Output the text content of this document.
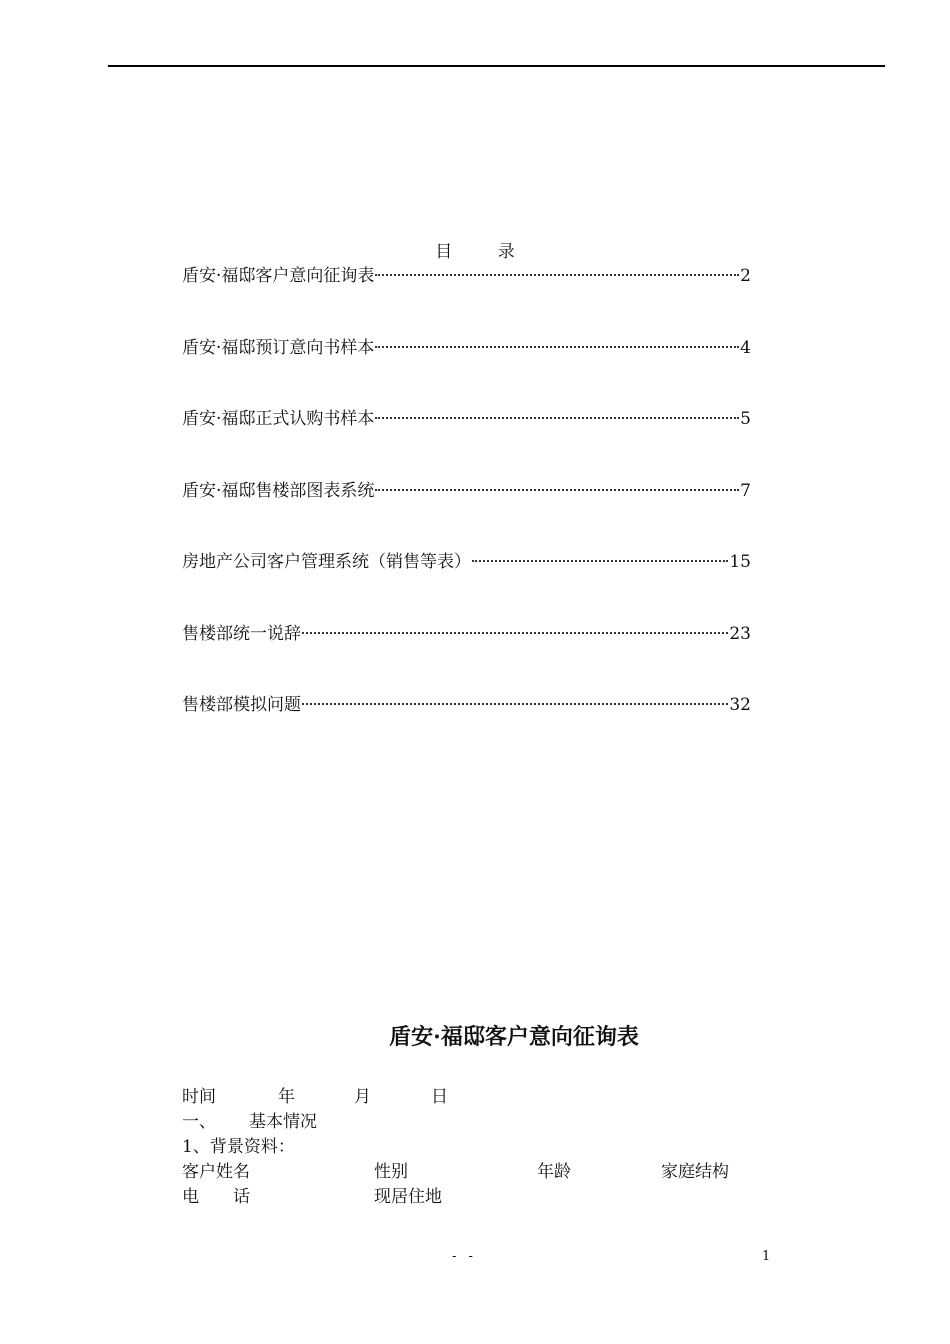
目 录
盾安·福邸客户意向征询表	2
盾安·福邸预订意向书样本	4
盾安·福邸正式认购书样本	5
盾安·福邸售楼部图表系统	7
房地产公司客户管理系统（销售等表）	15
售楼部统一说辞	23
售楼部模拟问题	32
盾安·福邸客户意向征询表
时间	年	月	日
一、 基本情况
1、背景资料：
客户姓名	性别	年龄	家庭结构
电　　话	现居住地
- -	1
